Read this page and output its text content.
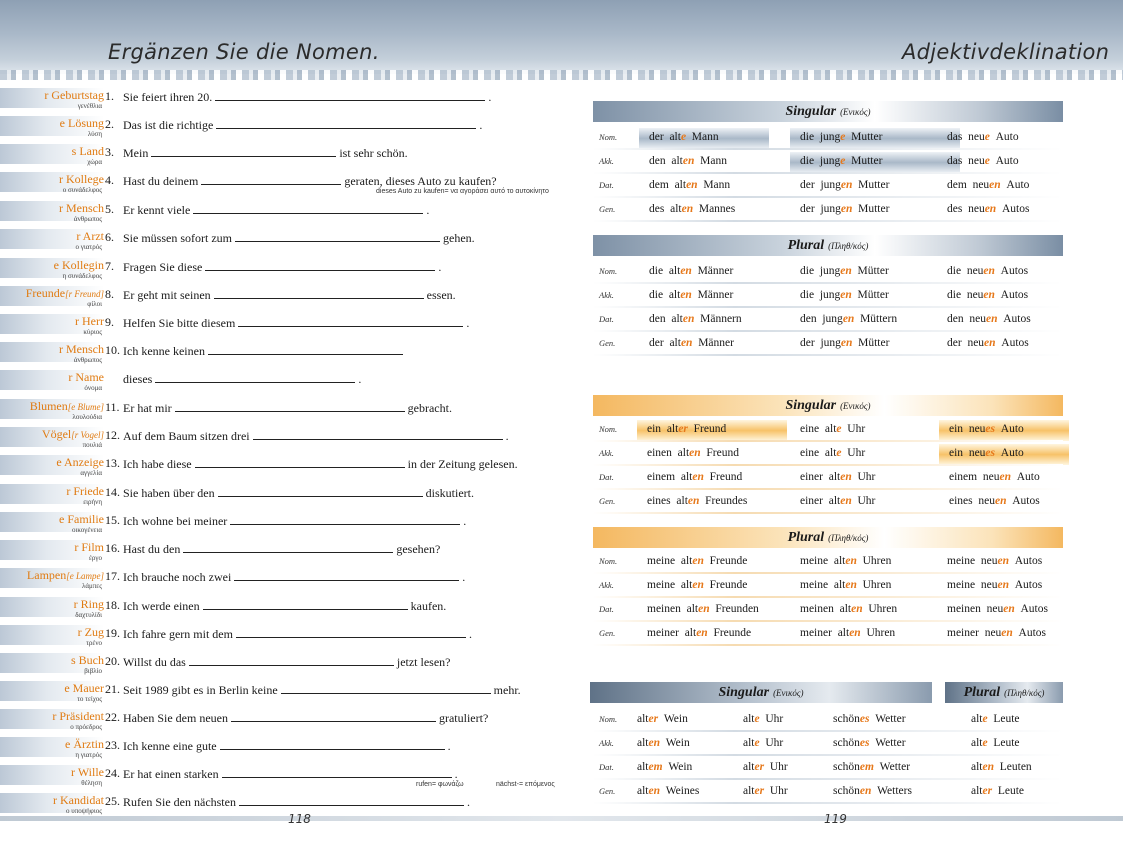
Ergänzen Sie die Nomen.	Adjektivdeklination
118	119
r Geburtstag
γενέθλια
1. Sie feiert ihren 20.	.
e Lösung
λύση
2. Das ist die richtige	.
s Land
χώρα
3. Mein	ist sehr schön.
r Kollege
ο συνάδελφος
4. Hast du deinem	geraten, dieses Auto zu kaufen?
r Mensch
άνθρωπος
5. Er kennt viele	.
r Arzt
ο γιατρός
6. Sie müssen sofort zum	gehen.
e Kollegin
η συνάδελφος
7. Fragen Sie diese	.
Freunde[r Freund]
φίλοι
8. Er geht mit seinen	essen.
r Herr
κύριος
9. Helfen Sie bitte diesem	.
r Mensch
άνθρωπος
10. Ich kenne keinen
r Name
όνομα
dieses	.
Blumen[e Blume]
λουλούδια
11. Er hat mir	gebracht.
Vögel[r Vogel]
πουλιά
12. Auf dem Baum sitzen drei	.
e Anzeige
αγγελία
13. Ich habe diese	in der Zeitung gelesen.
r Friede
ειρήνη
14. Sie haben über den	diskutiert.
e Familie
οικογένεια
15. Ich wohne bei meiner	.
r Film
έργο
16. Hast du den	gesehen?
Lampen[e Lampe]
λάμπες
17. Ich brauche noch zwei	.
r Ring
δαχτυλίδι
18. Ich werde einen	kaufen.
r Zug
τρένο
19. Ich fahre gern mit dem	.
s Buch
βιβλίο
20. Willst du das	jetzt lesen?
e Mauer
το τείχος
21. Seit 1989 gibt es in Berlin keine	mehr.
r Präsident
ο πρόεδρος
22. Haben Sie dem neuen	gratuliert?
e Ärztin
η γιατρός
23. Ich kenne eine gute	.
r Wille
θέληση
24. Er hat einen starken	.
r Kandidat
ο υποψήφιος
25. Rufen Sie den nächsten	.
dieses Auto zu kaufen= να αγοράσει αυτό το αυτοκίνητο
rufen= φωνάζω	nächst-= επόμενος
Singular (Ενικός)
Nom.	der alte Mann	die junge Mutter	das neue Auto
Akk.	den alten Mann	die junge Mutter	das neue Auto
Dat.	dem alten Mann	der jungen Mutter	dem neuen Auto
Gen.	des alten Mannes	der jungen Mutter	des neuen Autos
Plural (Πληθ/κός)
Nom.	die alten Männer	die jungen Mütter	die neuen Autos
Akk.	die alten Männer	die jungen Mütter	die neuen Autos
Dat.	den alten Männern	den jungen Müttern	den neuen Autos
Gen.	der alten Männer	der jungen Mütter	der neuen Autos
Singular (Ενικός)
Nom.	ein alter Freund	eine alte Uhr	ein neues Auto
Akk.	einen alten Freund	eine alte Uhr	ein neues Auto
Dat.	einem alten Freund	einer alten Uhr	einem neuen Auto
Gen.	eines alten Freundes	einer alten Uhr	eines neuen Autos
Plural (Πληθ/κός)
Nom.	meine alten Freunde	meine alten Uhren	meine neuen Autos
Akk.	meine alten Freunde	meine alten Uhren	meine neuen Autos
Dat.	meinen alten Freunden	meinen alten Uhren	meinen neuen Autos
Gen.	meiner alten Freunde	meiner alten Uhren	meiner neuen Autos
Singular (Ενικός)	Plural (Πληθ/κός)
Nom. alter Wein	alte Uhr	schönes Wetter	alte Leute
Akk. alten Wein	alte Uhr	schönes Wetter	alte Leute
Dat. altem Wein	alter Uhr	schönem Wetter	alten Leuten
Gen. alten Weines	alter Uhr	schönen Wetters	alter Leute
